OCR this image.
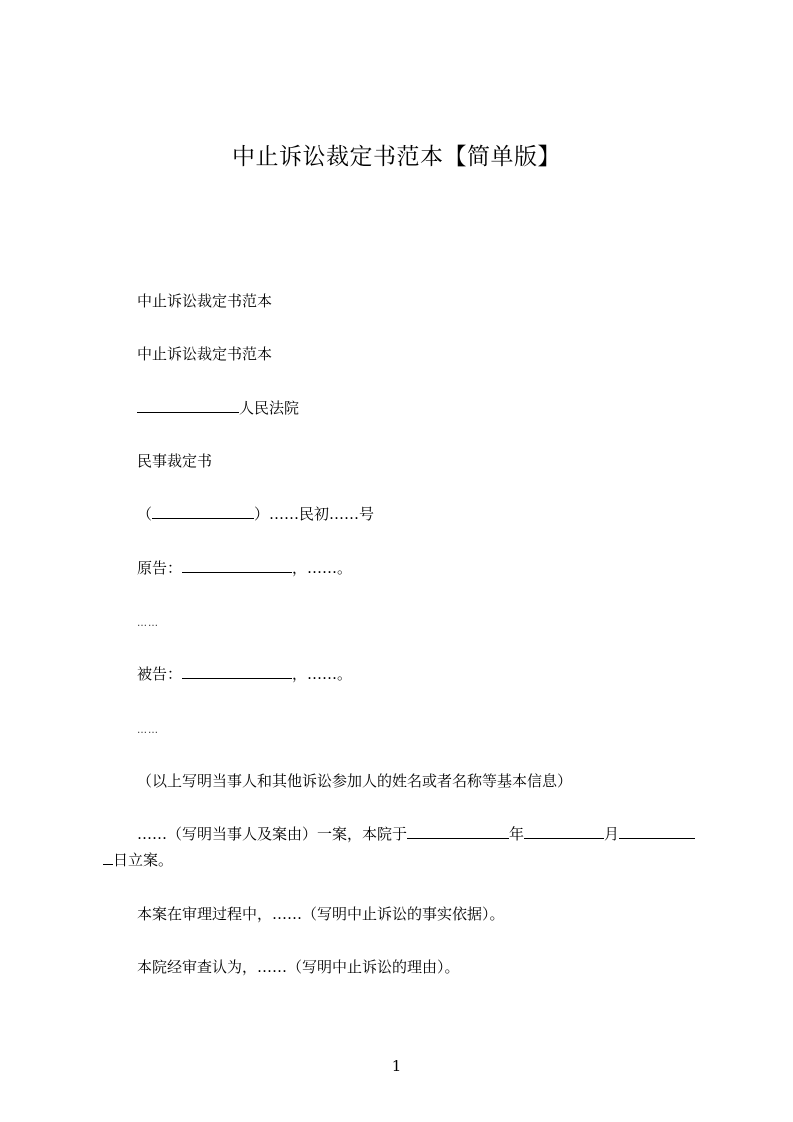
中止诉讼裁定书范本【简单版】
中止诉讼裁定书范本
中止诉讼裁定书范本
人民法院
民事裁定书
（	）……民初……号
原告：	，……。
……
被告：	，……。
……
（以上写明当事人和其他诉讼参加人的姓名或者名称等基本信息）
……（写明当事人及案由）一案，本院于	年	月
日立案。
本案在审理过程中，……（写明中止诉讼的事实依据）。
本院经审查认为，……（写明中止诉讼的理由）。
1
